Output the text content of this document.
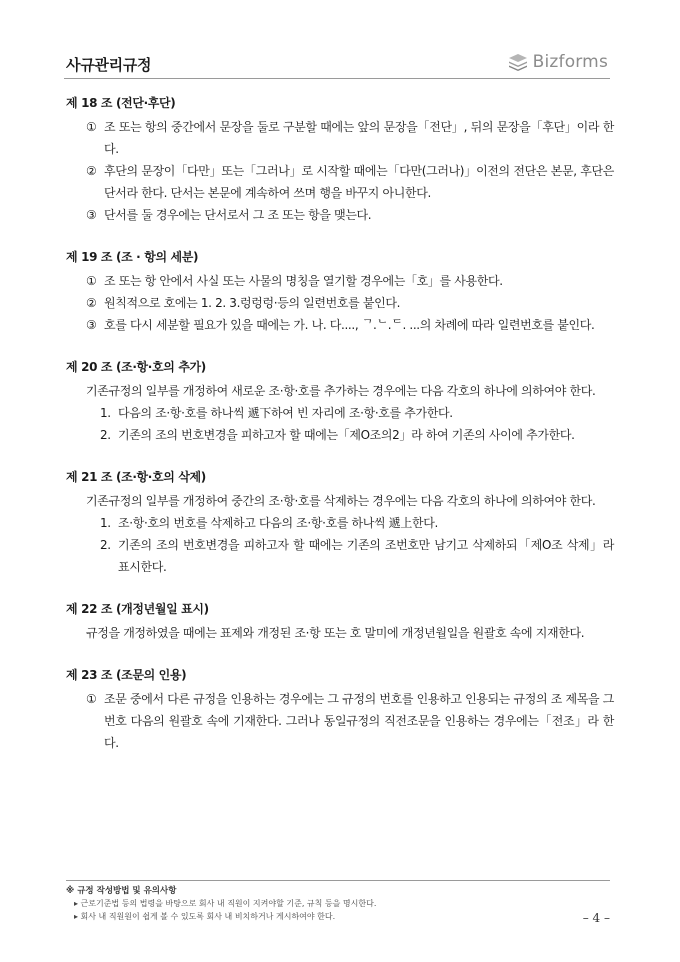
사규관리규정	Bizforms
제 18 조 (전단·후단)
① 조 또는 항의 중간에서 문장을 둘로 구분할 때에는 앞의 문장을「전단」, 뒤의 문장을「후단」이라 한다.
② 후단의 문장이「다만」또는「그러나」로 시작할 때에는「다만(그러나)」이전의 전단은 본문, 후단은 단서라 한다. 단서는 본문에 계속하여 쓰며 행을 바꾸지 아니한다.
③ 단서를 둘 경우에는 단서로서 그 조 또는 항을 맺는다.
제 19 조 (조 · 항의 세분)
① 조 또는 항 안에서 사실 또는 사물의 명칭을 열기할 경우에는「호」를 사용한다.
② 원칙적으로 호에는 1. 2. 3.렁렁렁·등의 일련번호를 붙인다.
③ 호를 다시 세분할 필요가 있을 때에는 가. 나. 다...., ᄀ.ᄂ.ᄃ. ...의 차례에 따라 일련번호를 붙인다.
제 20 조 (조·항·호의 추가)
기존규정의 일부를 개정하여 새로운 조·항·호를 추가하는 경우에는 다음 각호의 하나에 의하여야 한다.
1. 다음의 조·항·호를 하나씩 遞下하여 빈 자리에 조·항·호를 추가한다.
2. 기존의 조의 번호변경을 피하고자 할 때에는「제O조의2」라 하여 기존의 사이에 추가한다.
제 21 조 (조·항·호의 삭제)
기존규정의 일부를 개정하여 중간의 조·항·호를 삭제하는 경우에는 다음 각호의 하나에 의하여야 한다.
1. 조·항·호의 번호를 삭제하고 다음의 조·항·호를 하나씩 遞上한다.
2. 기존의 조의 번호변경을 피하고자 할 때에는 기존의 조번호만 남기고 삭제하되「제O조 삭제」라 표시한다.
제 22 조 (개정년월일 표시)
규정을 개정하였을 때에는 표제와 개정된 조·항 또는 호 말미에 개정년월일을 원괄호 속에 지재한다.
제 23 조 (조문의 인용)
① 조문 중에서 다른 규정을 인용하는 경우에는 그 규정의 번호를 인용하고 인용되는 규정의 조 제목을 그 번호 다음의 원괄호 속에 기재한다. 그러나 동일규정의 직전조문을 인용하는 경우에는「전조」라 한다.
※ 규정 작성방법 및 유의사항
▸ 근로기준법 등의 법령을 바탕으로 회사 내 직원이 지켜야할 기준, 규칙 등을 명시한다.
▸ 회사 내 직원원이 쉽게 볼 수 있도록 회사 내 비치하거나 게시하여야 한다.	– 4 –
